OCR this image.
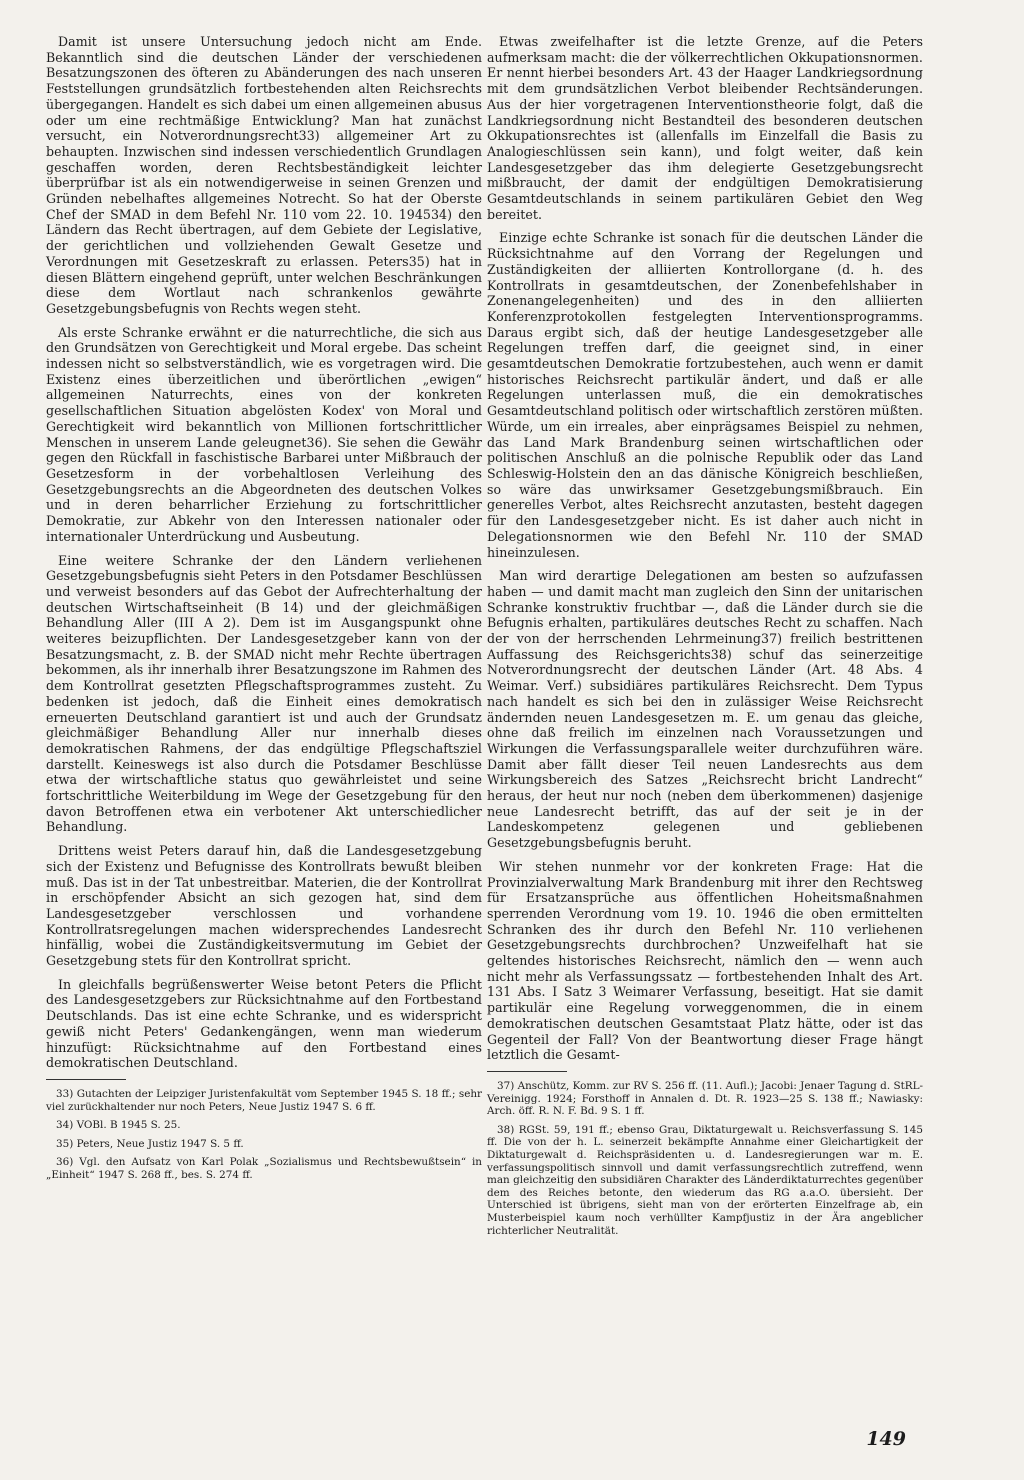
Damit ist unsere Untersuchung jedoch nicht am Ende. Bekanntlich sind die deutschen Länder der verschiedenen Besatzungszonen des öfteren zu Abänderungen des nach unseren Feststellungen grundsätzlich fortbestehenden alten Reichsrechts übergegangen. Handelt es sich dabei um einen allgemeinen abusus oder um eine rechtmäßige Entwicklung? Man hat zunächst versucht, ein Notverordnungsrecht33) allgemeiner Art zu behaupten. Inzwischen sind indessen verschiedentlich Grundlagen geschaffen worden, deren Rechtsbeständigkeit leichter überprüfbar ist als ein notwendigerweise in seinen Grenzen und Gründen nebelhaftes allgemeines Notrecht. So hat der Oberste Chef der SMAD in dem Befehl Nr. 110 vom 22. 10. 194534) den Ländern das Recht übertragen, auf dem Gebiete der Legislative, der gerichtlichen und vollziehenden Gewalt Gesetze und Verordnungen mit Gesetzeskraft zu erlassen. Peters35) hat in diesen Blättern eingehend geprüft, unter welchen Beschränkungen diese dem Wortlaut nach schrankenlos gewährte Gesetzgebungsbefugnis von Rechts wegen steht.

Als erste Schranke erwähnt er die naturrechtliche, die sich aus den Grundsätzen von Gerechtigkeit und Moral ergebe. Das scheint indessen nicht so selbstverständlich, wie es vorgetragen wird. Die Existenz eines überzeitlichen und überörtlichen „ewigen“ allgemeinen Naturrechts, eines von der konkreten gesellschaftlichen Situation abgelösten Kodex' von Moral und Gerechtigkeit wird bekanntlich von Millionen fortschrittlicher Menschen in unserem Lande geleugnet36). Sie sehen die Gewähr gegen den Rückfall in faschistische Barbarei unter Mißbrauch der Gesetzesform in der vorbehaltlosen Verleihung des Gesetzgebungsrechts an die Abgeordneten des deutschen Volkes und in deren beharrlicher Erziehung zu fortschrittlicher Demokratie, zur Abkehr von den Interessen nationaler oder internationaler Unterdrückung und Ausbeutung.

Eine weitere Schranke der den Ländern verliehenen Gesetzgebungsbefugnis sieht Peters in den Potsdamer Beschlüssen und verweist besonders auf das Gebot der Aufrechterhaltung der deutschen Wirtschaftseinheit (B 14) und der gleichmäßigen Behandlung Aller (III A 2). Dem ist im Ausgangspunkt ohne weiteres beizupflichten. Der Landesgesetzgeber kann von der Besatzungsmacht, z. B. der SMAD nicht mehr Rechte übertragen bekommen, als ihr innerhalb ihrer Besatzungszone im Rahmen des dem Kontrollrat gesetzten Pflegschaftsprogrammes zusteht. Zu bedenken ist jedoch, daß die Einheit eines demokratisch erneuerten Deutschland garantiert ist und auch der Grundsatz gleichmäßiger Behandlung Aller nur innerhalb dieses demokratischen Rahmens, der das endgültige Pflegschaftsziel darstellt. Keineswegs ist also durch die Potsdamer Beschlüsse etwa der wirtschaftliche status quo gewährleistet und seine fortschrittliche Weiterbildung im Wege der Gesetzgebung für den davon Betroffenen etwa ein verbotener Akt unterschiedlicher Behandlung.

Drittens weist Peters darauf hin, daß die Landesgesetzgebung sich der Existenz und Befugnisse des Kontrollrats bewußt bleiben muß. Das ist in der Tat unbestreitbar. Materien, die der Kontrollrat in erschöpfender Absicht an sich gezogen hat, sind dem Landesgesetzgeber verschlossen und vorhandene Kontrollratsregelungen machen widersprechendes Landesrecht hinfällig, wobei die Zuständigkeitsvermutung im Gebiet der Gesetzgebung stets für den Kontrollrat spricht.

In gleichfalls begrüßenswerter Weise betont Peters die Pflicht des Landesgesetzgebers zur Rücksichtnahme auf den Fortbestand Deutschlands. Das ist eine echte Schranke, und es widerspricht gewiß nicht Peters' Gedankengängen, wenn man wiederum hinzufügt: Rücksichtnahme auf den Fortbestand eines demokratischen Deutschland.

33) Gutachten der Leipziger Juristenfakultät vom September 1945 S. 18 ff.; sehr viel zurückhaltender nur noch Peters, Neue Justiz 1947 S. 6 ff.

34) VOBl. B 1945 S. 25.

35) Peters, Neue Justiz 1947 S. 5 ff.

36) Vgl. den Aufsatz von Karl Polak „Sozialismus und Rechtsbewußtsein“ in „Einheit“ 1947 S. 268 ff., bes. S. 274 ff.

Etwas zweifelhafter ist die letzte Grenze, auf die Peters aufmerksam macht: die der völkerrechtlichen Okkupationsnormen. Er nennt hierbei besonders Art. 43 der Haager Landkriegsordnung mit dem grundsätzlichen Verbot bleibender Rechtsänderungen. Aus der hier vorgetragenen Interventionstheorie folgt, daß die Landkriegsordnung nicht Bestandteil des besonderen deutschen Okkupationsrechtes ist (allenfalls im Einzelfall die Basis zu Analogieschlüssen sein kann), und folgt weiter, daß kein Landesgesetzgeber das ihm delegierte Gesetzgebungsrecht mißbraucht, der damit der endgültigen Demokratisierung Gesamtdeutschlands in seinem partikulären Gebiet den Weg bereitet.

Einzige echte Schranke ist sonach für die deutschen Länder die Rücksichtnahme auf den Vorrang der Regelungen und Zuständigkeiten der alliierten Kontrollorgane (d. h. des Kontrollrats in gesamtdeutschen, der Zonenbefehlshaber in Zonenangelegenheiten) und des in den alliierten Konferenzprotokollen festgelegten Interventionsprogramms. Daraus ergibt sich, daß der heutige Landesgesetzgeber alle Regelungen treffen darf, die geeignet sind, in einer gesamtdeutschen Demokratie fortzubestehen, auch wenn er damit historisches Reichsrecht partikulär ändert, und daß er alle Regelungen unterlassen muß, die ein demokratisches Gesamtdeutschland politisch oder wirtschaftlich zerstören müßten. Würde, um ein irreales, aber einprägsames Beispiel zu nehmen, das Land Mark Brandenburg seinen wirtschaftlichen oder politischen Anschluß an die polnische Republik oder das Land Schleswig-Holstein den an das dänische Königreich beschließen, so wäre das unwirksamer Gesetzgebungsmißbrauch. Ein generelles Verbot, altes Reichsrecht anzutasten, besteht dagegen für den Landesgesetzgeber nicht. Es ist daher auch nicht in Delegationsnormen wie den Befehl Nr. 110 der SMAD hineinzulesen.

Man wird derartige Delegationen am besten so aufzufassen haben — und damit macht man zugleich den Sinn der unitarischen Schranke konstruktiv fruchtbar —, daß die Länder durch sie die Befugnis erhalten, partikuläres deutsches Recht zu schaffen. Nach der von der herrschenden Lehrmeinung37) freilich bestrittenen Auffassung des Reichsgerichts38) schuf das seinerzeitige Notverordnungsrecht der deutschen Länder (Art. 48 Abs. 4 Weimar. Verf.) subsidiäres partikuläres Reichsrecht. Dem Typus nach handelt es sich bei den in zulässiger Weise Reichsrecht ändernden neuen Landesgesetzen m. E. um genau das gleiche, ohne daß freilich im einzelnen nach Voraussetzungen und Wirkungen die Verfassungsparallele weiter durchzuführen wäre. Damit aber fällt dieser Teil neuen Landesrechts aus dem Wirkungsbereich des Satzes „Reichsrecht bricht Landrecht“ heraus, der heut nur noch (neben dem überkommenen) dasjenige neue Landesrecht betrifft, das auf der seit je in der Landeskompetenz gelegenen und gebliebenen Gesetzgebungsbefugnis beruht.

Wir stehen nunmehr vor der konkreten Frage: Hat die Provinzialverwaltung Mark Brandenburg mit ihrer den Rechtsweg für Ersatzansprüche aus öffentlichen Hoheitsmaßnahmen sperrenden Verordnung vom 19. 10. 1946 die oben ermittelten Schranken des ihr durch den Befehl Nr. 110 verliehenen Gesetzgebungsrechts durchbrochen? Unzweifelhaft hat sie geltendes historisches Reichsrecht, nämlich den — wenn auch nicht mehr als Verfassungssatz — fortbestehenden Inhalt des Art. 131 Abs. I Satz 3 Weimarer Verfassung, beseitigt. Hat sie damit partikulär eine Regelung vorweggenommen, die in einem demokratischen deutschen Gesamtstaat Platz hätte, oder ist das Gegenteil der Fall? Von der Beantwortung dieser Frage hängt letztlich die Gesamt-

37) Anschütz, Komm. zur RV S. 256 ff. (11. Aufl.); Jacobi: Jenaer Tagung d. StRL-Vereinigg. 1924; Forsthoff in Annalen d. Dt. R. 1923—25 S. 138 ff.; Nawiasky: Arch. öff. R. N. F. Bd. 9 S. 1 ff.

38) RGSt. 59, 191 ff.; ebenso Grau, Diktaturgewalt u. Reichsverfassung S. 145 ff. Die von der h. L. seinerzeit bekämpfte Annahme einer Gleichartigkeit der Diktaturgewalt d. Reichspräsidenten u. d. Landesregierungen war m. E. verfassungspolitisch sinnvoll und damit verfassungsrechtlich zutreffend, wenn man gleichzeitig den subsidiären Charakter des Länderdiktaturrechtes gegenüber dem des Reiches betonte, den wiederum das RG a.a.O. übersieht. Der Unterschied ist übrigens, sieht man von der erörterten Einzelfrage ab, ein Musterbeispiel kaum noch verhüllter Kampfjustiz in der Ära angeblicher richterlicher Neutralität.

149
